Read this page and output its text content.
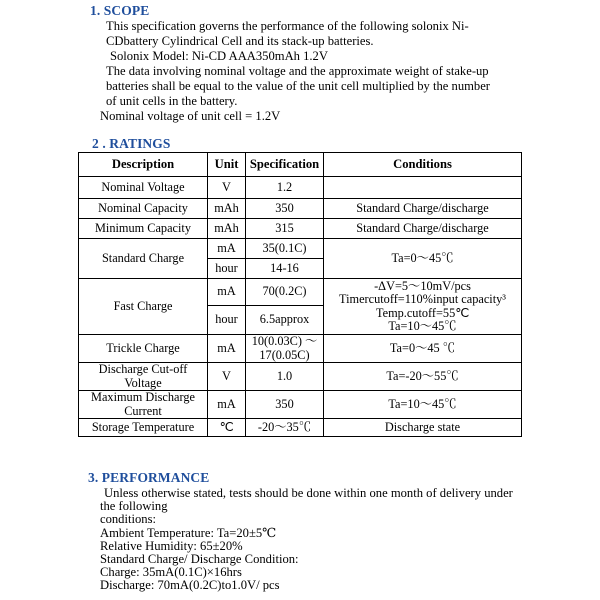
1. SCOPE
This specification governs the performance of the following solonix Ni-
CDbattery Cylindrical Cell and its stack-up batteries.
Solonix Model: Ni-CD AAA350mAh 1.2V
The data involving nominal voltage and the approximate weight of stake-up
batteries shall be equal to the value of the unit cell multiplied by the number
of unit cells in the battery.
Nominal voltage of unit cell = 1.2V
2 . RATINGS
Description	Unit	Specification	Conditions
Nominal Voltage	V	1.2	
Nominal Capacity	mAh	350	Standard Charge/discharge
Minimum Capacity	mAh	315	Standard Charge/discharge
Standard Charge	mA	35(0.1C)	Ta=0～45℃
	hour	14-16	
Fast Charge	mA	70(0.2C)	-ΔV=5～10mV/pcs
Timercutoff=110%input capacity³
Temp.cutoff=55℃
Ta=10～45℃

	hour	6.5approx	
Trickle Charge	mA	10(0.03C) ～
17(0.05C)	Ta=0～45 ℃

Discharge Cut-off
Voltage	V	1.0	Ta=-20～55℃

Maximum Discharge
Current	mA	350	Ta=10～45℃
Storage Temperature	℃	-20～35℃	Discharge state
3. PERFORMANCE
Unless otherwise stated, tests should be done within one month of delivery under
the following
conditions:
Ambient Temperature: Ta=20±5℃
Relative Humidity: 65±20%
Standard Charge/ Discharge Condition:
Charge: 35mA(0.1C)×16hrs
Discharge: 70mA(0.2C)to1.0V/ pcs
